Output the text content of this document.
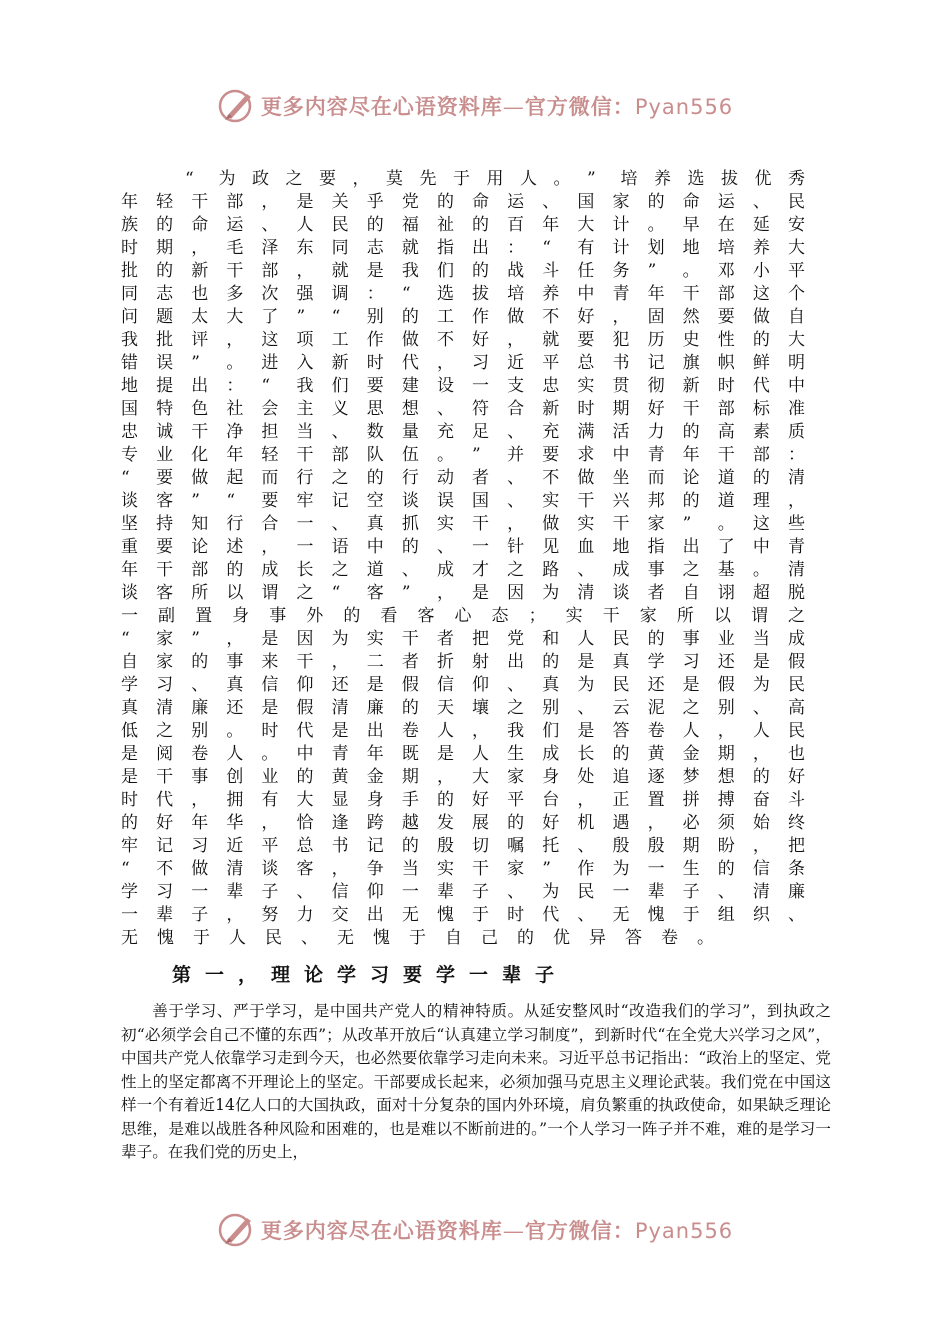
更多内容尽在心语资料库—官方微信：Pyan556
“ 为 政 之 要 ， 莫 先 于 用 人 。 ” 培 养 选 拔 优 秀
年 轻 干 部 ， 是 关 乎 党 的 命 运 、 国 家 的 命 运 、 民
族 的 命 运 、 人 民 的 福 祉 的 百 年 大 计 。 早 在 延 安
时 期 ， 毛 泽 东 同 志 就 指 出 ： “ 有 计 划 地 培 养 大
批 的 新 干 部 ， 就 是 我 们 的 战 斗 任 务 ” 。 邓 小 平
同 志 也 多 次 强 调 ： “ 选 拔 培 养 中 青 年 干 部 这 个
问 题 太 大 了 ” “ 别 的 工 作 做 不 好 ， 固 然 要 做 自
我 批 评 ， 这 项 工 作 做 不 好 ， 就 要 犯 历 史 性 的 大
错 误 ” 。 进 入 新 时 代 ， 习 近 平 总 书 记 旗 帜 鲜 明
地 提 出 ： “ 我 们 要 建 设 一 支 忠 实 贯 彻 新 时 代 中
国 特 色 社 会 主 义 思 想 、 符 合 新 时 期 好 干 部 标 准
忠 诚 干 净 担 当 、 数 量 充 足 、 充 满 活 力 的 高 素 质
专 业 化 年 轻 干 部 队 伍 。 ” 并 要 求 中 青 年 干 部 ：
“ 要 做 起 而 行 之 的 行 动 者 、 不 做 坐 而 论 道 的 清
谈 客 ” “ 要 牢 记 空 谈 误 国 、 实 干 兴 邦 的 道 理 ，
坚 持 知 行 合 一 、 真 抓 实 干 ， 做 实 干 家 ” 。 这 些
重 要 论 述 ， 一 语 中 的 、 一 针 见 血 地 指 出 了 中 青
年 干 部 的 成 长 之 道 、 成 才 之 路 、 成 事 之 基 。 清
谈 客 所 以 谓 之 “ 客 ” ， 是 因 为 清 谈 者 自 诩 超 脱
一 副 置 身 事 外 的 看 客 心 态 ； 实 干 家 所 以 谓 之
“ 家 ” ， 是 因 为 实 干 者 把 党 和 人 民 的 事 业 当 成
自 家 的 事 来 干 ， 二 者 折 射 出 的 是 真 学 习 还 是 假
学 习 、 真 信 仰 还 是 假 信 仰 、 真 为 民 还 是 假 为 民
真 清 廉 还 是 假 清 廉 的 天 壤 之 别 、 云 泥 之 别 、 高
低 之 别 。 时 代 是 出 卷 人 ， 我 们 是 答 卷 人 ， 人 民
是 阅 卷 人 。 中 青 年 既 是 人 生 成 长 的 黄 金 期 ， 也
是 干 事 创 业 的 黄 金 期 ， 大 家 身 处 追 逐 梦 想 的 好
时 代 ， 拥 有 大 显 身 手 的 好 平 台 ， 正 置 拼 搏 奋 斗
的 好 年 华 ， 恰 逢 跨 越 发 展 的 好 机 遇 ， 必 须 始 终
牢 记 习 近 平 总 书 记 的 殷 切 嘱 托 、 殷 殷 期 盼 ， 把
“ 不 做 清 谈 客 ， 争 当 实 干 家 ” 作 为 一 生 的 信 条
学 习 一 辈 子 、 信 仰 一 辈 子 、 为 民 一 辈 子 、 清 廉
一 辈 子 ， 努 力 交 出 无 愧 于 时 代 、 无 愧 于 组 织 、
无 愧 于 人 民 、 无 愧 于 自 己 的 优 异 答 卷 。
第一，理论学习要学一辈子
善于学习、严于学习，是中国共产党人的精神特质。从延安整风时“改造我们的学习”，到执政之初“必须学会自己不懂的东西”；从改革开放后“认真建立学习制度”，到新时代“在全党大兴学习之风”，中国共产党人依靠学习走到今天，也必然要依靠学习走向未来。习近平总书记指出：“政治上的坚定、党性上的坚定都离不开理论上的坚定。干部要成长起来，必须加强马克思主义理论武装。我们党在中国这样一个有着近14亿人口的大国执政，面对十分复杂的国内外环境，肩负繁重的执政使命，如果缺乏理论思维，是难以战胜各种风险和困难的，也是难以不断前进的。”一个人学习一阵子并不难，难的是学习一辈子。在我们党的历史上，
更多内容尽在心语资料库—官方微信：Pyan556
